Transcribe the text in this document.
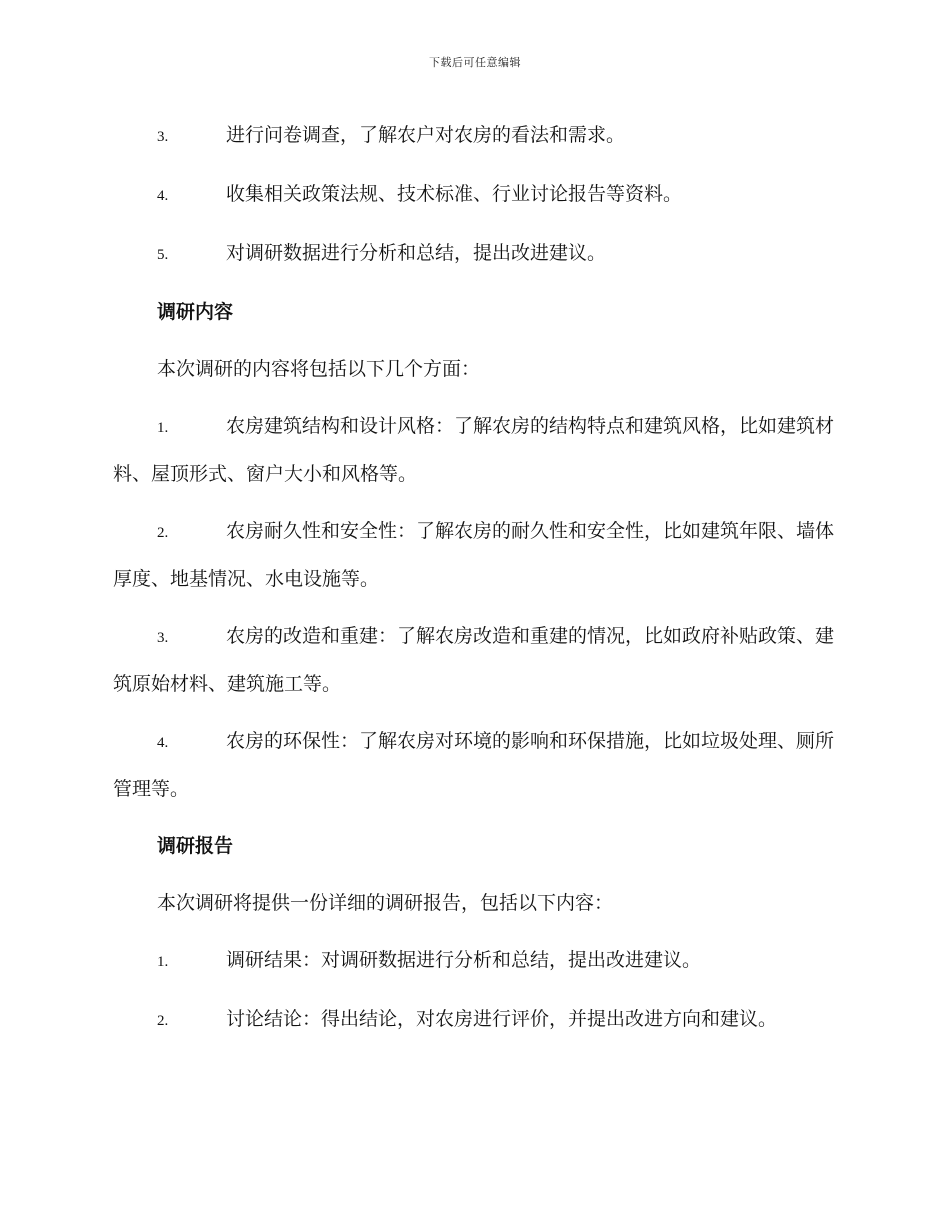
下载后可任意编辑
3.	进行问卷调查，了解农户对农房的看法和需求。
4.	收集相关政策法规、技术标准、行业讨论报告等资料。
5.	对调研数据进行分析和总结，提出改进建议。
调研内容
本次调研的内容将包括以下几个方面：
1.	农房建筑结构和设计风格：了解农房的结构特点和建筑风格，比如建筑材料、屋顶形式、窗户大小和风格等。
2.	农房耐久性和安全性：了解农房的耐久性和安全性，比如建筑年限、墙体厚度、地基情况、水电设施等。
3.	农房的改造和重建：了解农房改造和重建的情况，比如政府补贴政策、建筑原始材料、建筑施工等。
4.	农房的环保性：了解农房对环境的影响和环保措施，比如垃圾处理、厕所管理等。
调研报告
本次调研将提供一份详细的调研报告，包括以下内容：
1.	调研结果：对调研数据进行分析和总结，提出改进建议。
2.	讨论结论：得出结论，对农房进行评价，并提出改进方向和建议。
